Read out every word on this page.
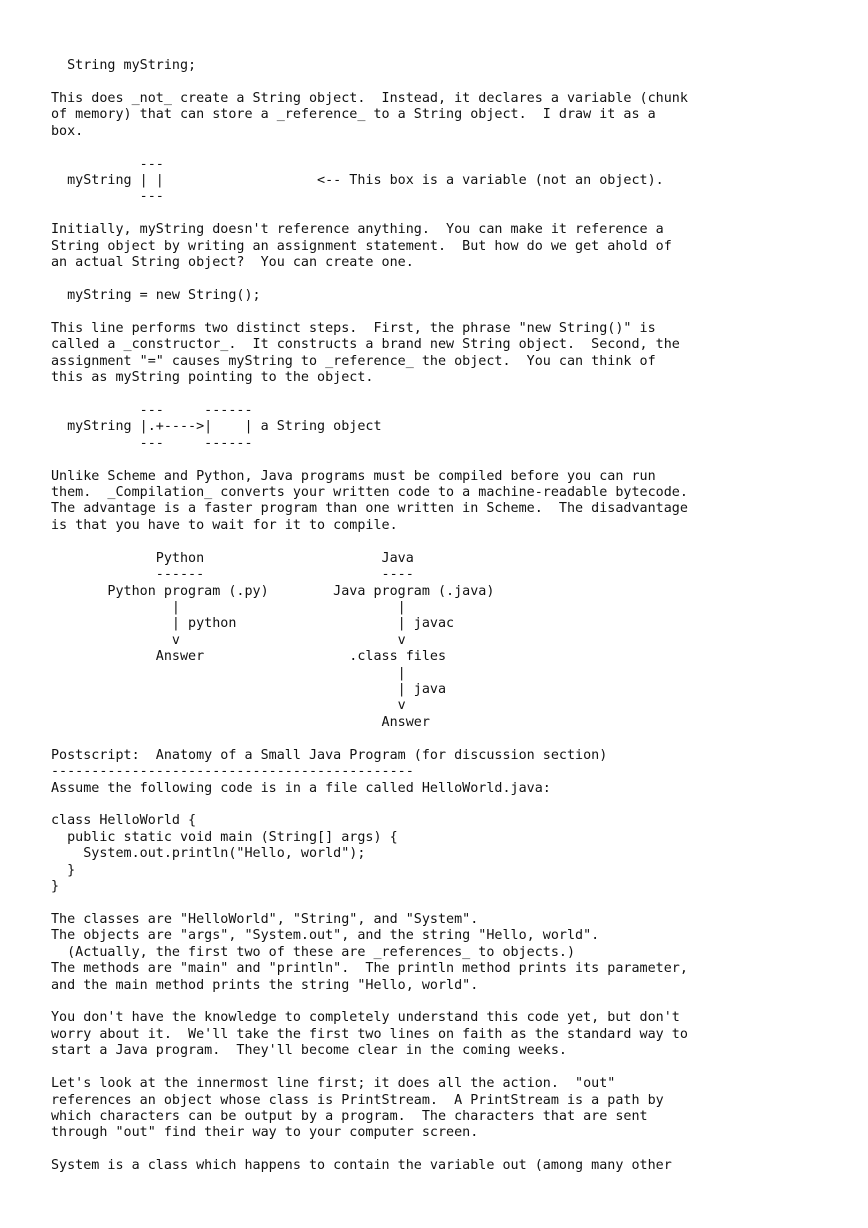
String myString;

This does _not_ create a String object.  Instead, it declares a variable (chunk
of memory) that can store a _reference_ to a String object.  I draw it as a
box.

---
myString | |                   <-- This box is a variable (not an object).
---

Initially, myString doesn't reference anything.  You can make it reference a
String object by writing an assignment statement.  But how do we get ahold of
an actual String object?  You can create one.

myString = new String();

This line performs two distinct steps.  First, the phrase "new String()" is
called a _constructor_.  It constructs a brand new String object.  Second, the
assignment "=" causes myString to _reference_ the object.  You can think of
this as myString pointing to the object.

---     ------
myString |.+---->|    | a String object
---     ------

Unlike Scheme and Python, Java programs must be compiled before you can run
them.  _Compilation_ converts your written code to a machine-readable bytecode.
The advantage is a faster program than one written in Scheme.  The disadvantage
is that you have to wait for it to compile.

Python                      Java
------                      ----
Python program (.py)        Java program (.java)
|                           |
| python                    | javac
v                           v
Answer                  .class files
|
| java
v
Answer

Postscript:  Anatomy of a Small Java Program (for discussion section)
---------------------------------------------
Assume the following code is in a file called HelloWorld.java:

class HelloWorld {
public static void main (String[] args) {
System.out.println("Hello, world");
}
}

The classes are "HelloWorld", "String", and "System".
The objects are "args", "System.out", and the string "Hello, world".
(Actually, the first two of these are _references_ to objects.)
The methods are "main" and "println".  The println method prints its parameter,
and the main method prints the string "Hello, world".

You don't have the knowledge to completely understand this code yet, but don't
worry about it.  We'll take the first two lines on faith as the standard way to
start a Java program.  They'll become clear in the coming weeks.

Let's look at the innermost line first; it does all the action.  "out"
references an object whose class is PrintStream.  A PrintStream is a path by
which characters can be output by a program.  The characters that are sent
through "out" find their way to your computer screen.

System is a class which happens to contain the variable out (among many other
